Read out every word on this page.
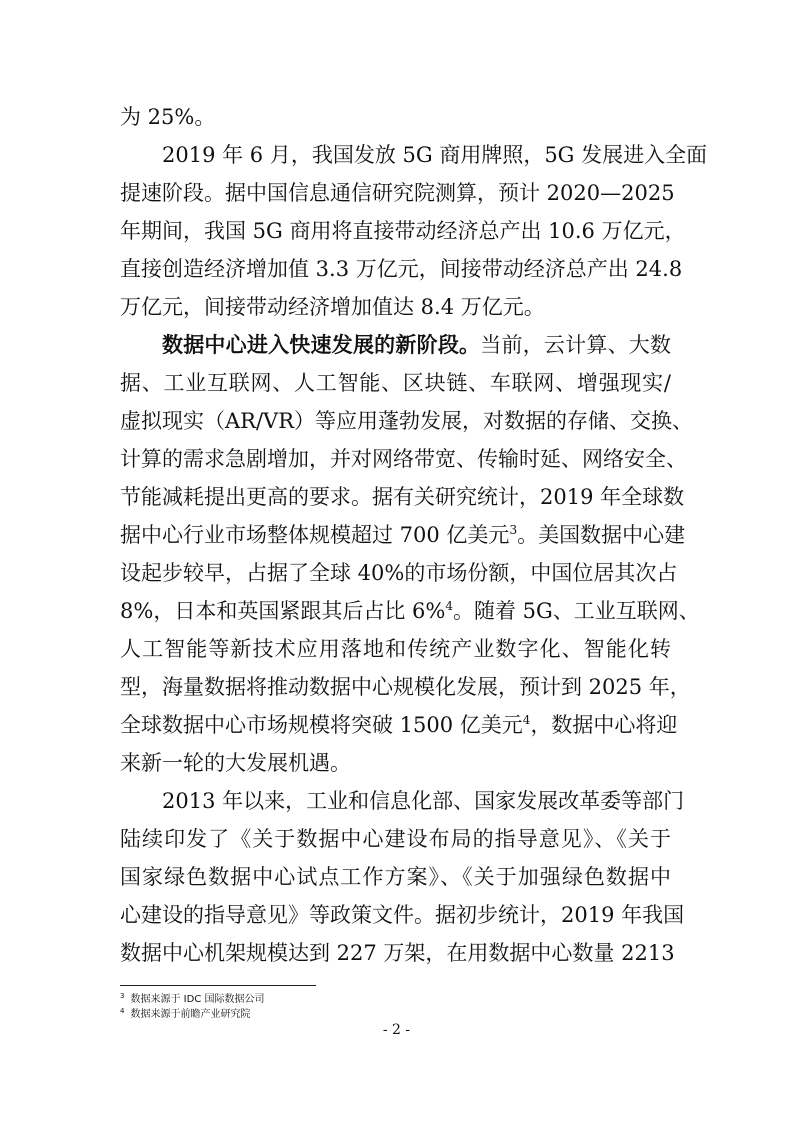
为 25%。
2019 年 6 月，我国发放 5G 商用牌照，5G 发展进入全面
提速阶段。据中国信息通信研究院测算，预计 2020—2025
年期间，我国 5G 商用将直接带动经济总产出 10.6 万亿元，
直接创造经济增加值 3.3 万亿元，间接带动经济总产出 24.8
万亿元，间接带动经济增加值达 8.4 万亿元。
数据中心进入快速发展的新阶段。当前，云计算、大数
据、工业互联网、人工智能、区块链、车联网、增强现实/
虚拟现实（AR/VR）等应用蓬勃发展，对数据的存储、交换、
计算的需求急剧增加，并对网络带宽、传输时延、网络安全、
节能减耗提出更高的要求。据有关研究统计，2019 年全球数
据中心行业市场整体规模超过 700 亿美元$^3$。美国数据中心建
设起步较早，占据了全球 40%的市场份额，中国位居其次占
8%，日本和英国紧跟其后占比 6%$^4$。随着 5G、工业互联网、
人工智能等新技术应用落地和传统产业数字化、智能化转
型，海量数据将推动数据中心规模化发展，预计到 2025 年，
全球数据中心市场规模将突破 1500 亿美元$^4$，数据中心将迎
来新一轮的大发展机遇。
2013 年以来，工业和信息化部、国家发展改革委等部门
陆续印发了《关于数据中心建设布局的指导意见》、《关于
国家绿色数据中心试点工作方案》、《关于加强绿色数据中
心建设的指导意见》等政策文件。据初步统计，2019 年我国
数据中心机架规模达到 227 万架，在用数据中心数量 2213
$^3$ 数据来源于 IDC 国际数据公司
$^4$ 数据来源于前瞻产业研究院
- 2 -
